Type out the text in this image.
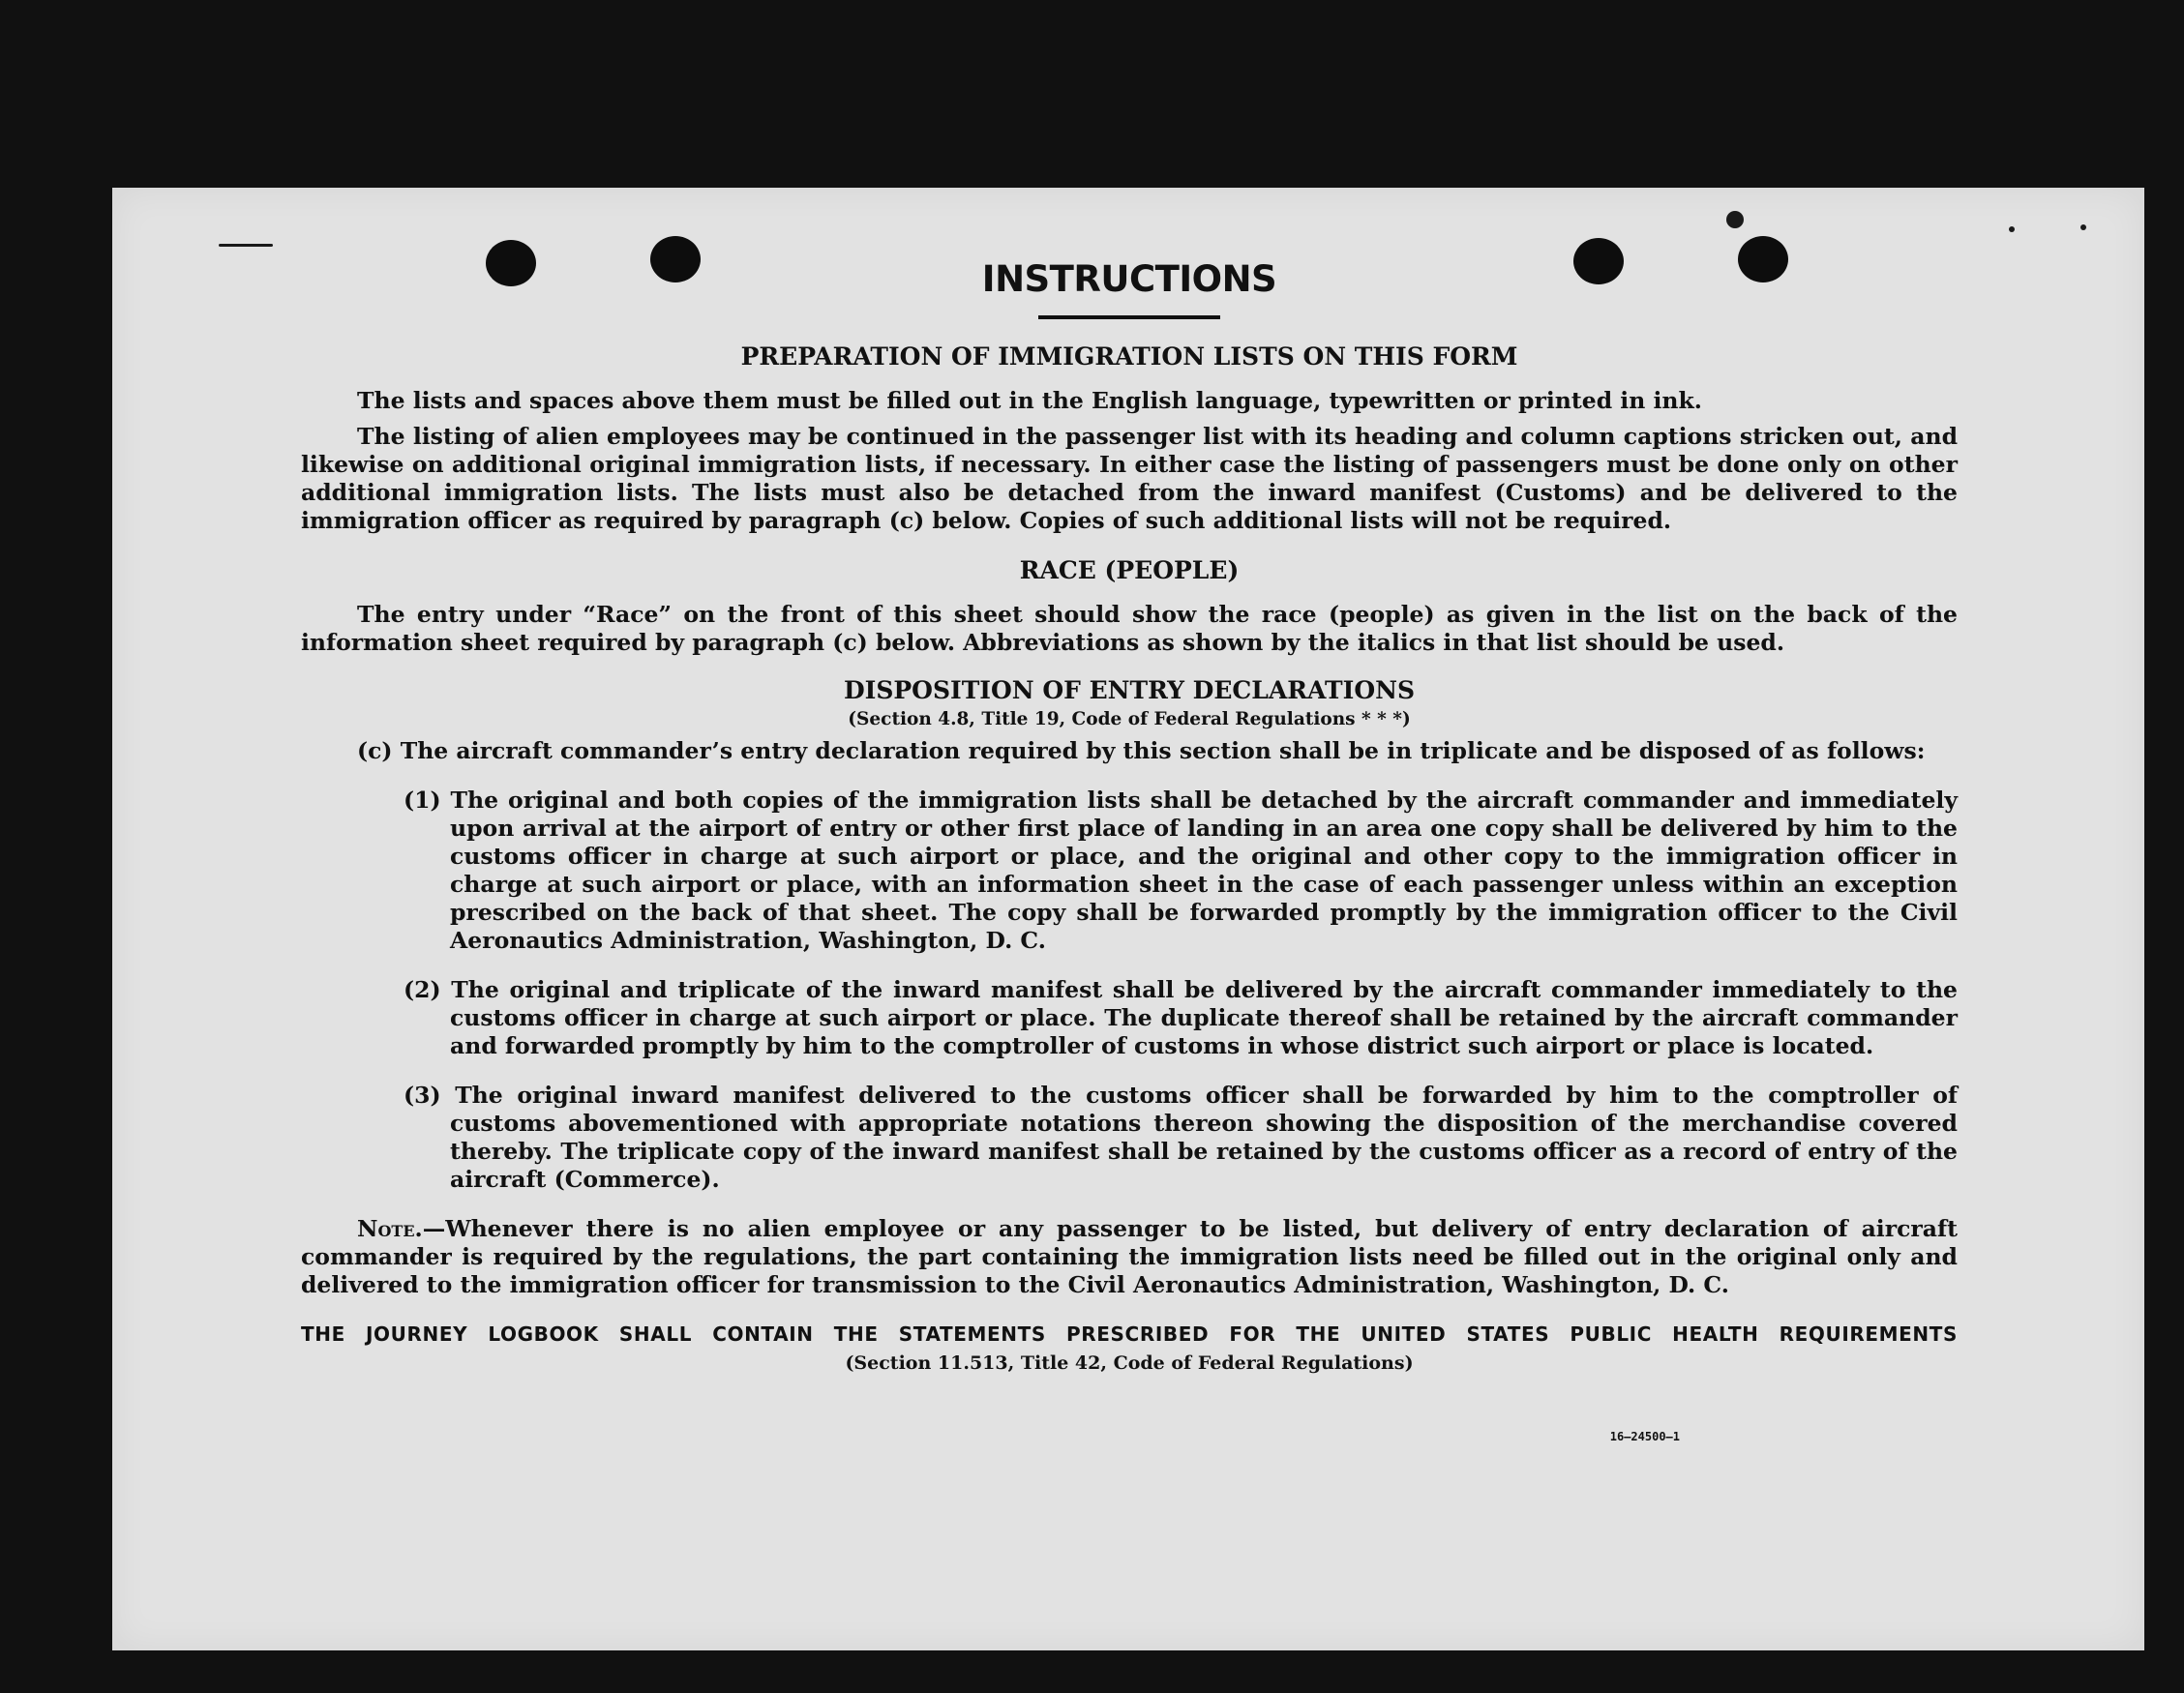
INSTRUCTIONS
PREPARATION OF IMMIGRATION LISTS ON THIS FORM

The lists and spaces above them must be filled out in the English language, typewritten or printed in ink.

The listing of alien employees may be continued in the passenger list with its heading and column captions stricken out, and likewise on additional original immigration lists, if necessary. In either case the listing of passengers must be done only on other additional immigration lists. The lists must also be detached from the inward manifest (Customs) and be delivered to the immigration officer as required by paragraph (c) below. Copies of such additional lists will not be required.

RACE (PEOPLE)

The entry under “Race” on the front of this sheet should show the race (people) as given in the list on the back of the information sheet required by paragraph (c) below. Abbreviations as shown by the italics in that list should be used.

DISPOSITION OF ENTRY DECLARATIONS
(Section 4.8, Title 19, Code of Federal Regulations * * *)

(c) The aircraft commander’s entry declaration required by this section shall be in triplicate and be disposed of as follows:

(1) The original and both copies of the immigration lists shall be detached by the aircraft commander and immediately upon arrival at the airport of entry or other first place of landing in an area one copy shall be delivered by him to the customs officer in charge at such airport or place, and the original and other copy to the immigration officer in charge at such airport or place, with an information sheet in the case of each passenger unless within an exception prescribed on the back of that sheet. The copy shall be forwarded promptly by the immigration officer to the Civil Aeronautics Administration, Washington, D. C.

(2) The original and triplicate of the inward manifest shall be delivered by the aircraft commander immediately to the customs officer in charge at such airport or place. The duplicate thereof shall be retained by the aircraft commander and forwarded promptly by him to the comptroller of customs in whose district such airport or place is located.

(3) The original inward manifest delivered to the customs officer shall be forwarded by him to the comptroller of customs abovementioned with appropriate notations thereon showing the disposition of the merchandise covered thereby. The triplicate copy of the inward manifest shall be retained by the customs officer as a record of entry of the aircraft (Commerce).

Note.—Whenever there is no alien employee or any passenger to be listed, but delivery of entry declaration of aircraft commander is required by the regulations, the part containing the immigration lists need be filled out in the original only and delivered to the immigration officer for transmission to the Civil Aeronautics Administration, Washington, D. C.

THE JOURNEY LOGBOOK SHALL CONTAIN THE STATEMENTS PRESCRIBED FOR THE UNITED STATES PUBLIC HEALTH REQUIREMENTS
(Section 11.513, Title 42, Code of Federal Regulations)
16—24500—1
